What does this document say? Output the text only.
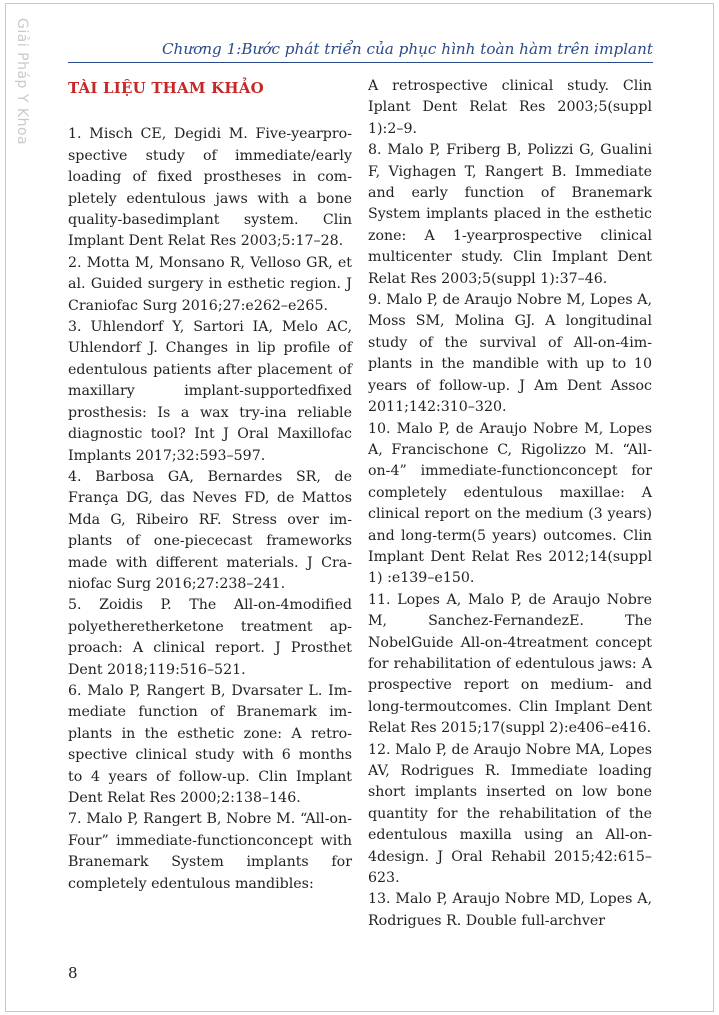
Giải Pháp Y Khoa	Chương 1:Bước phát triển của phục hình toàn hàm trên implant
TÀI LIỆU THAM KHẢO

1. Misch CE, Degidi M. Five-yearprospective study of immediate/early loading of fixed prostheses in completely edentulous jaws with a bone quality-basedimplant system. Clin Implant Dent Relat Res 2003;5:17–28.

2. Motta M, Monsano R, Velloso GR, et al. Guided surgery in esthetic region. J Craniofac Surg 2016;27:e262–e265.

3. Uhlendorf Y, Sartori IA, Melo AC, Uhlendorf J. Changes in lip profile of edentulous patients after placement of maxillary implant-supportedfixed prosthesis: Is a wax try-ina reliable diagnostic tool? Int J Oral Maxillofac Implants 2017;32:593–597.

4. Barbosa GA, Bernardes SR, de França DG, das Neves FD, de Mattos Mda G, Ribeiro RF. Stress over implants of one-piececast frameworks made with different materials. J Craniofac Surg 2016;27:238–241.

5. Zoidis P. The All-on-4modified polyetheretherketone treatment approach: A clinical report. J Prosthet Dent 2018;119:516–521.

6. Malo P, Rangert B, Dvarsater L. Immediate function of Branemark implants in the esthetic zone: A retrospective clinical study with 6 months to 4 years of follow-up. Clin Implant Dent Relat Res 2000;2:138–146.

7. Malo P, Rangert B, Nobre M. “All-on-Four” immediate-functionconcept with Branemark System implants for completely edentulous mandibles:

A retrospective clinical study. Clin Iplant Dent Relat Res 2003;5(suppl 1):2–9.

8. Malo P, Friberg B, Polizzi G, Gualini F, Vighagen T, Rangert B. Immediate and early function of Branemark System implants placed in the esthetic zone: A 1-yearprospective clinical multicenter study. Clin Implant Dent Relat Res 2003;5(suppl 1):37–46.

9. Malo P, de Araujo Nobre M, Lopes A, Moss SM, Molina GJ. A longitudinal study of the survival of All-on-4implants in the mandible with up to 10 years of follow-up. J Am Dent Assoc 2011;142:310–320.

10. Malo P, de Araujo Nobre M, Lopes A, Francischone C, Rigolizzo M. “All-on-4” immediate-functionconcept for completely edentulous maxillae: A clinical report on the medium (3 years) and long-term(5 years) outcomes. Clin Implant Dent Relat Res 2012;14(suppl 1) :e139–e150.

11. Lopes A, Malo P, de Araujo Nobre M, Sanchez-FernandezE. The NobelGuide All-on-4treatment concept for rehabilitation of edentulous jaws: A prospective report on medium- and long-termoutcomes. Clin Implant Dent Relat Res 2015;17(suppl 2):e406–e416.

12. Malo P, de Araujo Nobre MA, Lopes AV, Rodrigues R. Immediate loading short implants inserted on low bone quantity for the rehabilitation of the edentulous maxilla using an All-on-4design. J Oral Rehabil 2015;42:615–623.

13. Malo P, Araujo Nobre MD, Lopes A, Rodrigues R. Double full-archver

8
